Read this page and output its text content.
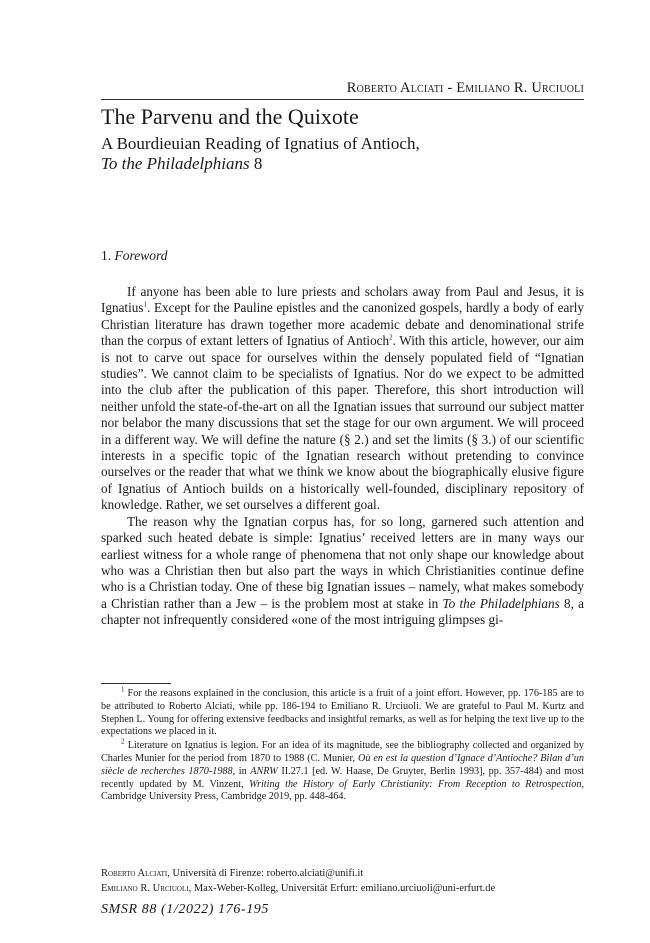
Roberto Alciati - Emiliano R. Urciuoli
The Parvenu and the Quixote
A Bourdieuian Reading of Ignatius of Antioch,
To the Philadelphians 8
1. Foreword

If anyone has been able to lure priests and scholars away from Paul and Jesus, it is Ignatius$^1$. Except for the Pauline epistles and the canonized gospels, hardly a body of early Christian literature has drawn together more academic debate and denominational strife than the corpus of extant letters of Ignatius of Antioch$^2$. With this article, however, our aim is not to carve out space for ourselves within the densely populated field of “Ignatian studies”. We cannot claim to be specialists of Ignatius. Nor do we expect to be admitted into the club after the publication of this paper. Therefore, this short introduction will neither unfold the state-of-the-art on all the Ignatian issues that surround our subject matter nor belabor the many discussions that set the stage for our own argument. We will proceed in a different way. We will define the nature (§ 2.) and set the limits (§ 3.) of our scientific interests in a specific topic of the Ignatian research without pretending to convince ourselves or the reader that what we think we know about the biographically elusive figure of Ignatius of Antioch builds on a historically well-founded, disciplinary repository of knowledge. Rather, we set ourselves a different goal.

The reason why the Ignatian corpus has, for so long, garnered such attention and sparked such heated debate is simple: Ignatius’ received letters are in many ways our earliest witness for a whole range of phenomena that not only shape our knowledge about who was a Christian then but also part the ways in which Christianities continue define who is a Christian today. One of these big Ignatian issues – namely, what makes somebody a Christian rather than a Jew – is the problem most at stake in To the Philadelphians 8, a chapter not infrequently considered «one of the most intriguing glimpses gi-

$^1$ For the reasons explained in the conclusion, this article is a fruit of a joint effort. However, pp. 176-185 are to be attributed to Roberto Alciati, while pp. 186-194 to Emiliano R. Urciuoli. We are grateful to Paul M. Kurtz and Stephen L. Young for offering extensive feedbacks and insightful remarks, as well as for helping the text live up to the expectations we placed in it.

$^2$ Literature on Ignatius is legion. For an idea of its magnitude, see the bibliography collected and organized by Charles Munier for the period from 1870 to 1988 (C. Munier, Où en est la question d’Ignace d’Antioche? Bilan d’un siècle de recherches 1870-1988, in ANRW II.27.1 [ed. W. Haase, De Gruyter, Berlin 1993], pp. 357-484) and most recently updated by M. Vinzent, Writing the History of Early Christianity: From Reception to Retrospection, Cambridge University Press, Cambridge 2019, pp. 448-464.

Roberto Alciati, Università di Firenze: roberto.alciati@unifi.it
Emiliano R. Urciuoli, Max-Weber-Kolleg, Universität Erfurt: emiliano.urciuoli@uni-erfurt.de
SMSR 88 (1/2022) 176-195
